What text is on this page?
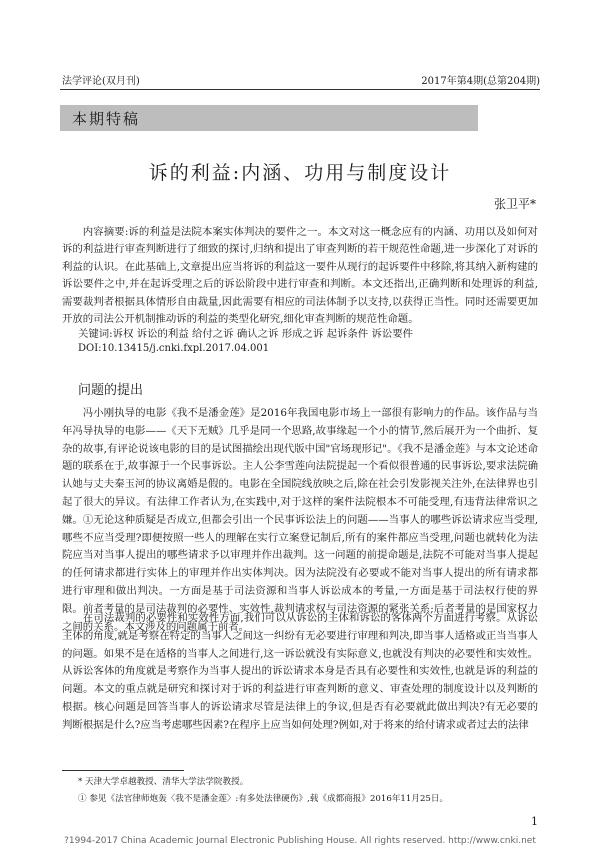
法学评论(双月刊)	2017年第4期(总第204期)
本期特稿
诉的利益:内涵、功用与制度设计
张卫平*
内容摘要:诉的利益是法院本案实体判决的要件之一。本文对这一概念应有的内涵、功用以及如何对诉的利益进行审查判断进行了细致的探讨,归纳和提出了审查判断的若干规范性命题,进一步深化了对诉的利益的认识。在此基础上,文章提出应当将诉的利益这一要件从现行的起诉要件中移除,将其纳入新构建的诉讼要件之中,并在起诉受理之后的诉讼阶段中进行审查和判断。本文还指出,正确判断和处理诉的利益,需要裁判者根据具体情形自由裁量,因此需要有相应的司法体制予以支持,以获得正当性。同时还需要更加开放的司法公开机制推动诉的利益的类型化研究,细化审查判断的规范性命题。
关键词:诉权 诉讼的利益 给付之诉 确认之诉 形成之诉 起诉条件 诉讼要件
DOI:10.13415/j.cnki.fxpl.2017.04.001
问题的提出
冯小刚执导的电影《我不是潘金莲》是2016年我国电影市场上一部很有影响力的作品。该作品与当年冯导执导的电影——《天下无贼》几乎是同一个思路,故事缘起一个小的情节,然后展开为一个曲折、复杂的故事,有评论说该电影的目的是试图描绘出现代版中国"官场现形记"。《我不是潘金莲》与本文论述命题的联系在于,故事源于一个民事诉讼。主人公李雪莲向法院提起一个看似很普通的民事诉讼,要求法院确认她与丈夫秦玉河的协议离婚是假的。电影在全国院线放映之后,除在社会引发影视关注外,在法律界也引起了很大的异议。有法律工作者认为,在实践中,对于这样的案件法院根本不可能受理,有违背法律常识之嫌。①无论这种质疑是否成立,但都会引出一个民事诉讼法上的问题——当事人的哪些诉讼请求应当受理,哪些不应当受理?即便按照一些人的理解在实行立案登记制后,所有的案件都应当受理,问题也就转化为法院应当对当事人提出的哪些请求予以审理并作出裁判。这一问题的前提命题是,法院不可能对当事人提起的任何请求都进行实体上的审理并作出实体判决。因为法院没有必要或不能对当事人提出的所有请求都进行审理和做出判决。一方面是基于司法资源和当事人诉讼成本的考量,一方面是基于司法权行使的界限。前者考量的是司法裁判的必要性、实效性,裁判请求权与司法资源的紧张关系;后者考量的是国家权力之间的关系。本文涉及的问题属于前者。
在司法裁判的必要性和实效性方面,我们可以从诉讼的主体和诉讼的客体两个方面进行考察。从诉讼主体的角度,就是考察在特定的当事人之间这一纠纷有无必要进行审理和判决,即当事人适格或正当当事人的问题。如果不是在适格的当事人之间进行,这一诉讼就没有实际意义,也就没有判决的必要性和实效性。从诉讼客体的角度就是考察作为当事人提出的诉讼请求本身是否具有必要性和实效性,也就是诉的利益的问题。本文的重点就是研究和探讨对于诉的利益进行审查判断的意义、审查处理的制度设计以及判断的根据。核心问题是回答当事人的诉讼请求尽管是法律上的争议,但是否有必要就此做出判决?有无必要的判断根据是什么?应当考虑哪些因素?在程序上应当如何处理?例如,对于将来的给付请求或者过去的法律
* 天津大学卓越教授、清华大学法学院教授。
① 参见《法官律师炮轰〈我不是潘金莲〉:有多处法律硬伤》,载《成都商报》2016年11月25日。
1
?1994-2017 China Academic Journal Electronic Publishing House. All rights reserved. http://www.cnki.net
